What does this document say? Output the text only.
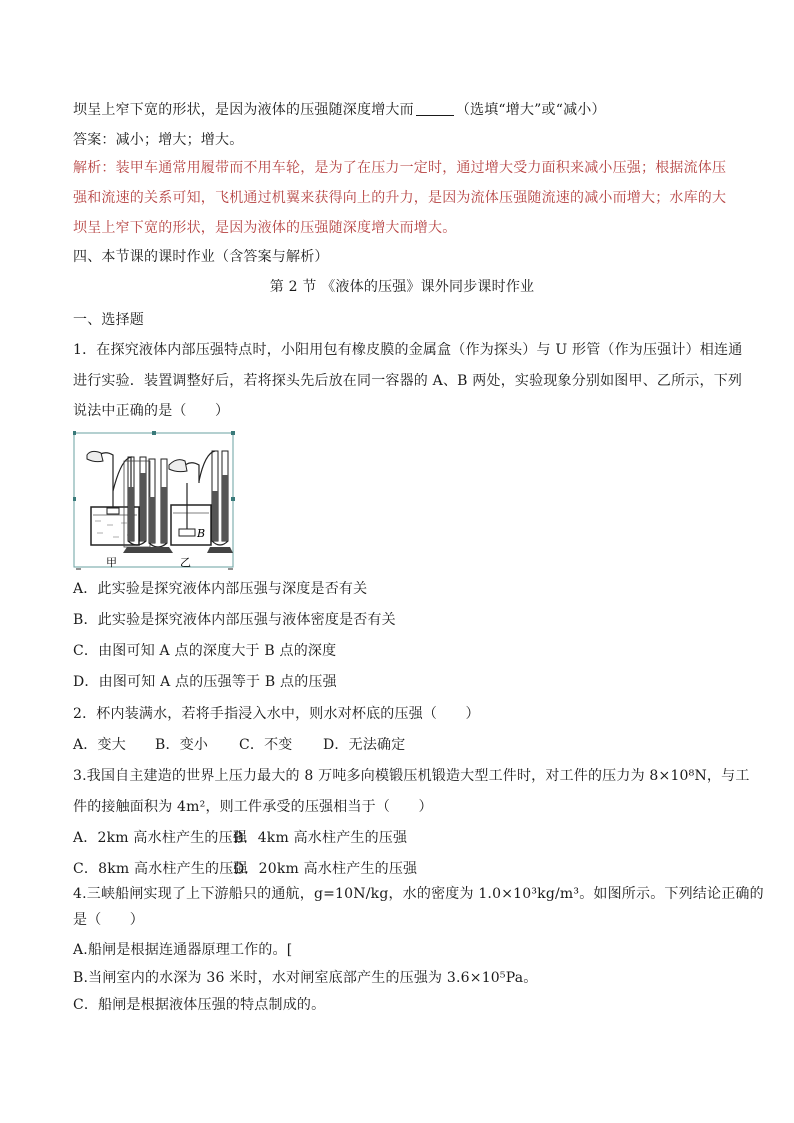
坝呈上窄下宽的形状，是因为液体的压强随深度增大而	（选填“增大”或“减小）
答案：减小；增大；增大。
解析：装甲车通常用履带而不用车轮，是为了在压力一定时，通过增大受力面积来减小压强；根据流体压
强和流速的关系可知，飞机通过机翼来获得向上的升力，是因为流体压强随流速的减小而增大；水库的大
坝呈上窄下宽的形状，是因为液体的压强随深度增大而增大。
四、本节课的课时作业（含答案与解析）
第 2 节 《液体的压强》课外同步课时作业
一、选择题
1．在探究液体内部压强特点时，小阳用包有橡皮膜的金属盒（作为探头）与 U 形管（作为压强计）相连通
进行实验．装置调整好后，若将探头先后放在同一容器的 A、B 两处，实验现象分别如图甲、乙所示，下列
说法中正确的是（　　）
B
甲	乙
A．此实验是探究液体内部压强与深度是否有关
B．此实验是探究液体内部压强与液体密度是否有关
C．由图可知 A 点的深度大于 B 点的深度
D．由图可知 A 点的压强等于 B 点的压强
2．杯内装满水，若将手指浸入水中，则水对杯底的压强（　　）
A．变大 B．变小 C．不变 D．无法确定
3.我国自主建造的世界上压力最大的 8 万吨多向模锻压机锻造大型工件时，对工件的压力为 8×10⁸N，与工
件的接触面积为 4m²，则工件承受的压强相当于（　　）
A．2km 高水柱产生的压强B．4km 高水柱产生的压强
C．8km 高水柱产生的压强D．20km 高水柱产生的压强
4.三峡船闸实现了上下游船只的通航，g=10N/kg，水的密度为 1.0×10³kg/m³。如图所示。下列结论正确的
是（　　）
A.船闸是根据连通器原理工作的。[
B.当闸室内的水深为 36 米时，水对闸室底部产生的压强为 3.6×10⁵Pa。
C．船闸是根据液体压强的特点制成的。
